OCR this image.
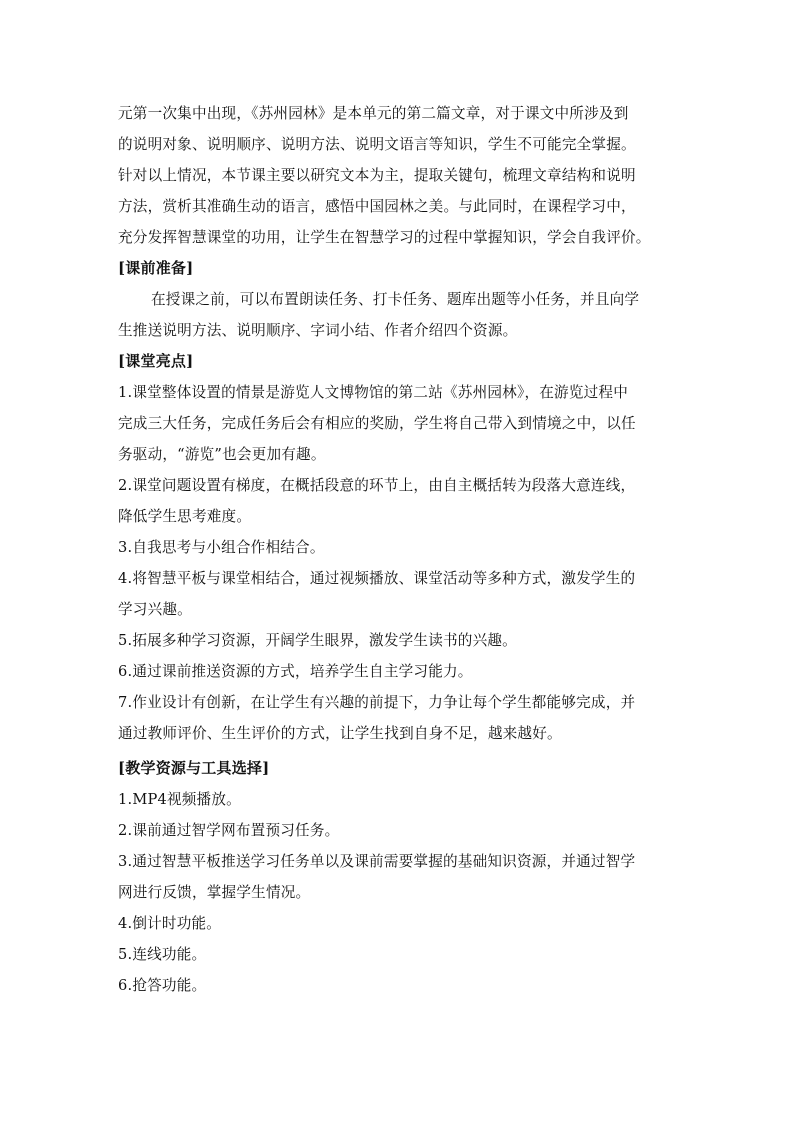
元第一次集中出现，《苏州园林》是本单元的第二篇文章，对于课文中所涉及到
的说明对象、说明顺序、说明方法、说明文语言等知识，学生不可能完全掌握。
针对以上情况，本节课主要以研究文本为主，提取关键句，梳理文章结构和说明
方法，赏析其准确生动的语言，感悟中国园林之美。与此同时，在课程学习中，
充分发挥智慧课堂的功用，让学生在智慧学习的过程中掌握知识，学会自我评价。
[课前准备]
在授课之前，可以布置朗读任务、打卡任务、题库出题等小任务，并且向学
生推送说明方法、说明顺序、字词小结、作者介绍四个资源。
[课堂亮点]
1.课堂整体设置的情景是游览人文博物馆的第二站《苏州园林》，在游览过程中
完成三大任务，完成任务后会有相应的奖励，学生将自己带入到情境之中，以任
务驱动，“游览”也会更加有趣。
2.课堂问题设置有梯度，在概括段意的环节上，由自主概括转为段落大意连线，
降低学生思考难度。
3.自我思考与小组合作相结合。
4.将智慧平板与课堂相结合，通过视频播放、课堂活动等多种方式，激发学生的
学习兴趣。
5.拓展多种学习资源，开阔学生眼界，激发学生读书的兴趣。
6.通过课前推送资源的方式，培养学生自主学习能力。
7.作业设计有创新，在让学生有兴趣的前提下，力争让每个学生都能够完成，并
通过教师评价、生生评价的方式，让学生找到自身不足，越来越好。
[教学资源与工具选择]
1.MP4视频播放。
2.课前通过智学网布置预习任务。
3.通过智慧平板推送学习任务单以及课前需要掌握的基础知识资源，并通过智学
网进行反馈，掌握学生情况。
4.倒计时功能。
5.连线功能。
6.抢答功能。
